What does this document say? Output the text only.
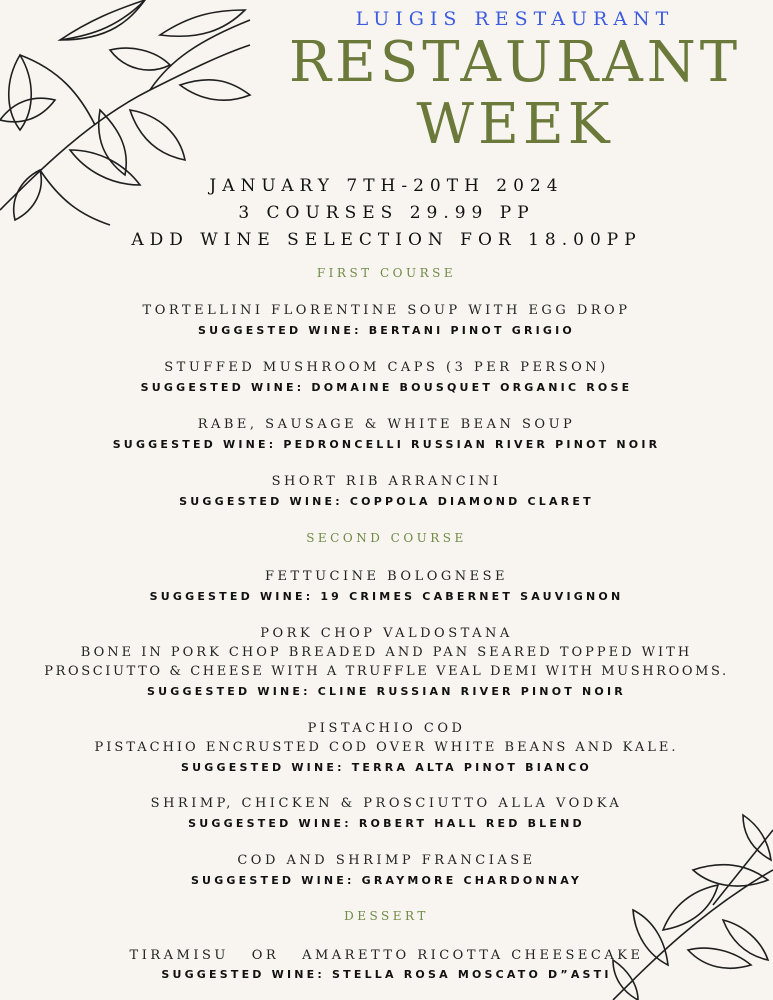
LUIGIS RESTAURANT
RESTAURANT
WEEK
JANUARY 7TH-20TH 2024
3 COURSES 29.99 PP
ADD WINE SELECTION FOR 18.00PP
FIRST COURSE
TORTELLINI FLORENTINE SOUP WITH EGG DROP
SUGGESTED WINE: BERTANI PINOT GRIGIO
STUFFED MUSHROOM CAPS (3 PER PERSON)
SUGGESTED WINE: DOMAINE BOUSQUET ORGANIC ROSE
RABE, SAUSAGE & WHITE BEAN SOUP
SUGGESTED WINE: PEDRONCELLI RUSSIAN RIVER PINOT NOIR
SHORT RIB ARRANCINI
SUGGESTED WINE: COPPOLA DIAMOND CLARET
SECOND COURSE
FETTUCINE BOLOGNESE
SUGGESTED WINE: 19 CRIMES CABERNET SAUVIGNON
PORK CHOP VALDOSTANA
BONE IN PORK CHOP BREADED AND PAN SEARED TOPPED WITH
PROSCIUTTO & CHEESE WITH A TRUFFLE VEAL DEMI WITH MUSHROOMS.
SUGGESTED WINE: CLINE RUSSIAN RIVER PINOT NOIR
PISTACHIO COD
PISTACHIO ENCRUSTED COD OVER WHITE BEANS AND KALE.
SUGGESTED WINE: TERRA ALTA PINOT BIANCO
SHRIMP, CHICKEN & PROSCIUTTO ALLA VODKA
SUGGESTED WINE: ROBERT HALL RED BLEND
COD AND SHRIMP FRANCIASE
SUGGESTED WINE: GRAYMORE CHARDONNAY
DESSERT
TIRAMISU   OR   AMARETTO RICOTTA CHEESECAKE
SUGGESTED WINE: STELLA ROSA MOSCATO D”ASTI
